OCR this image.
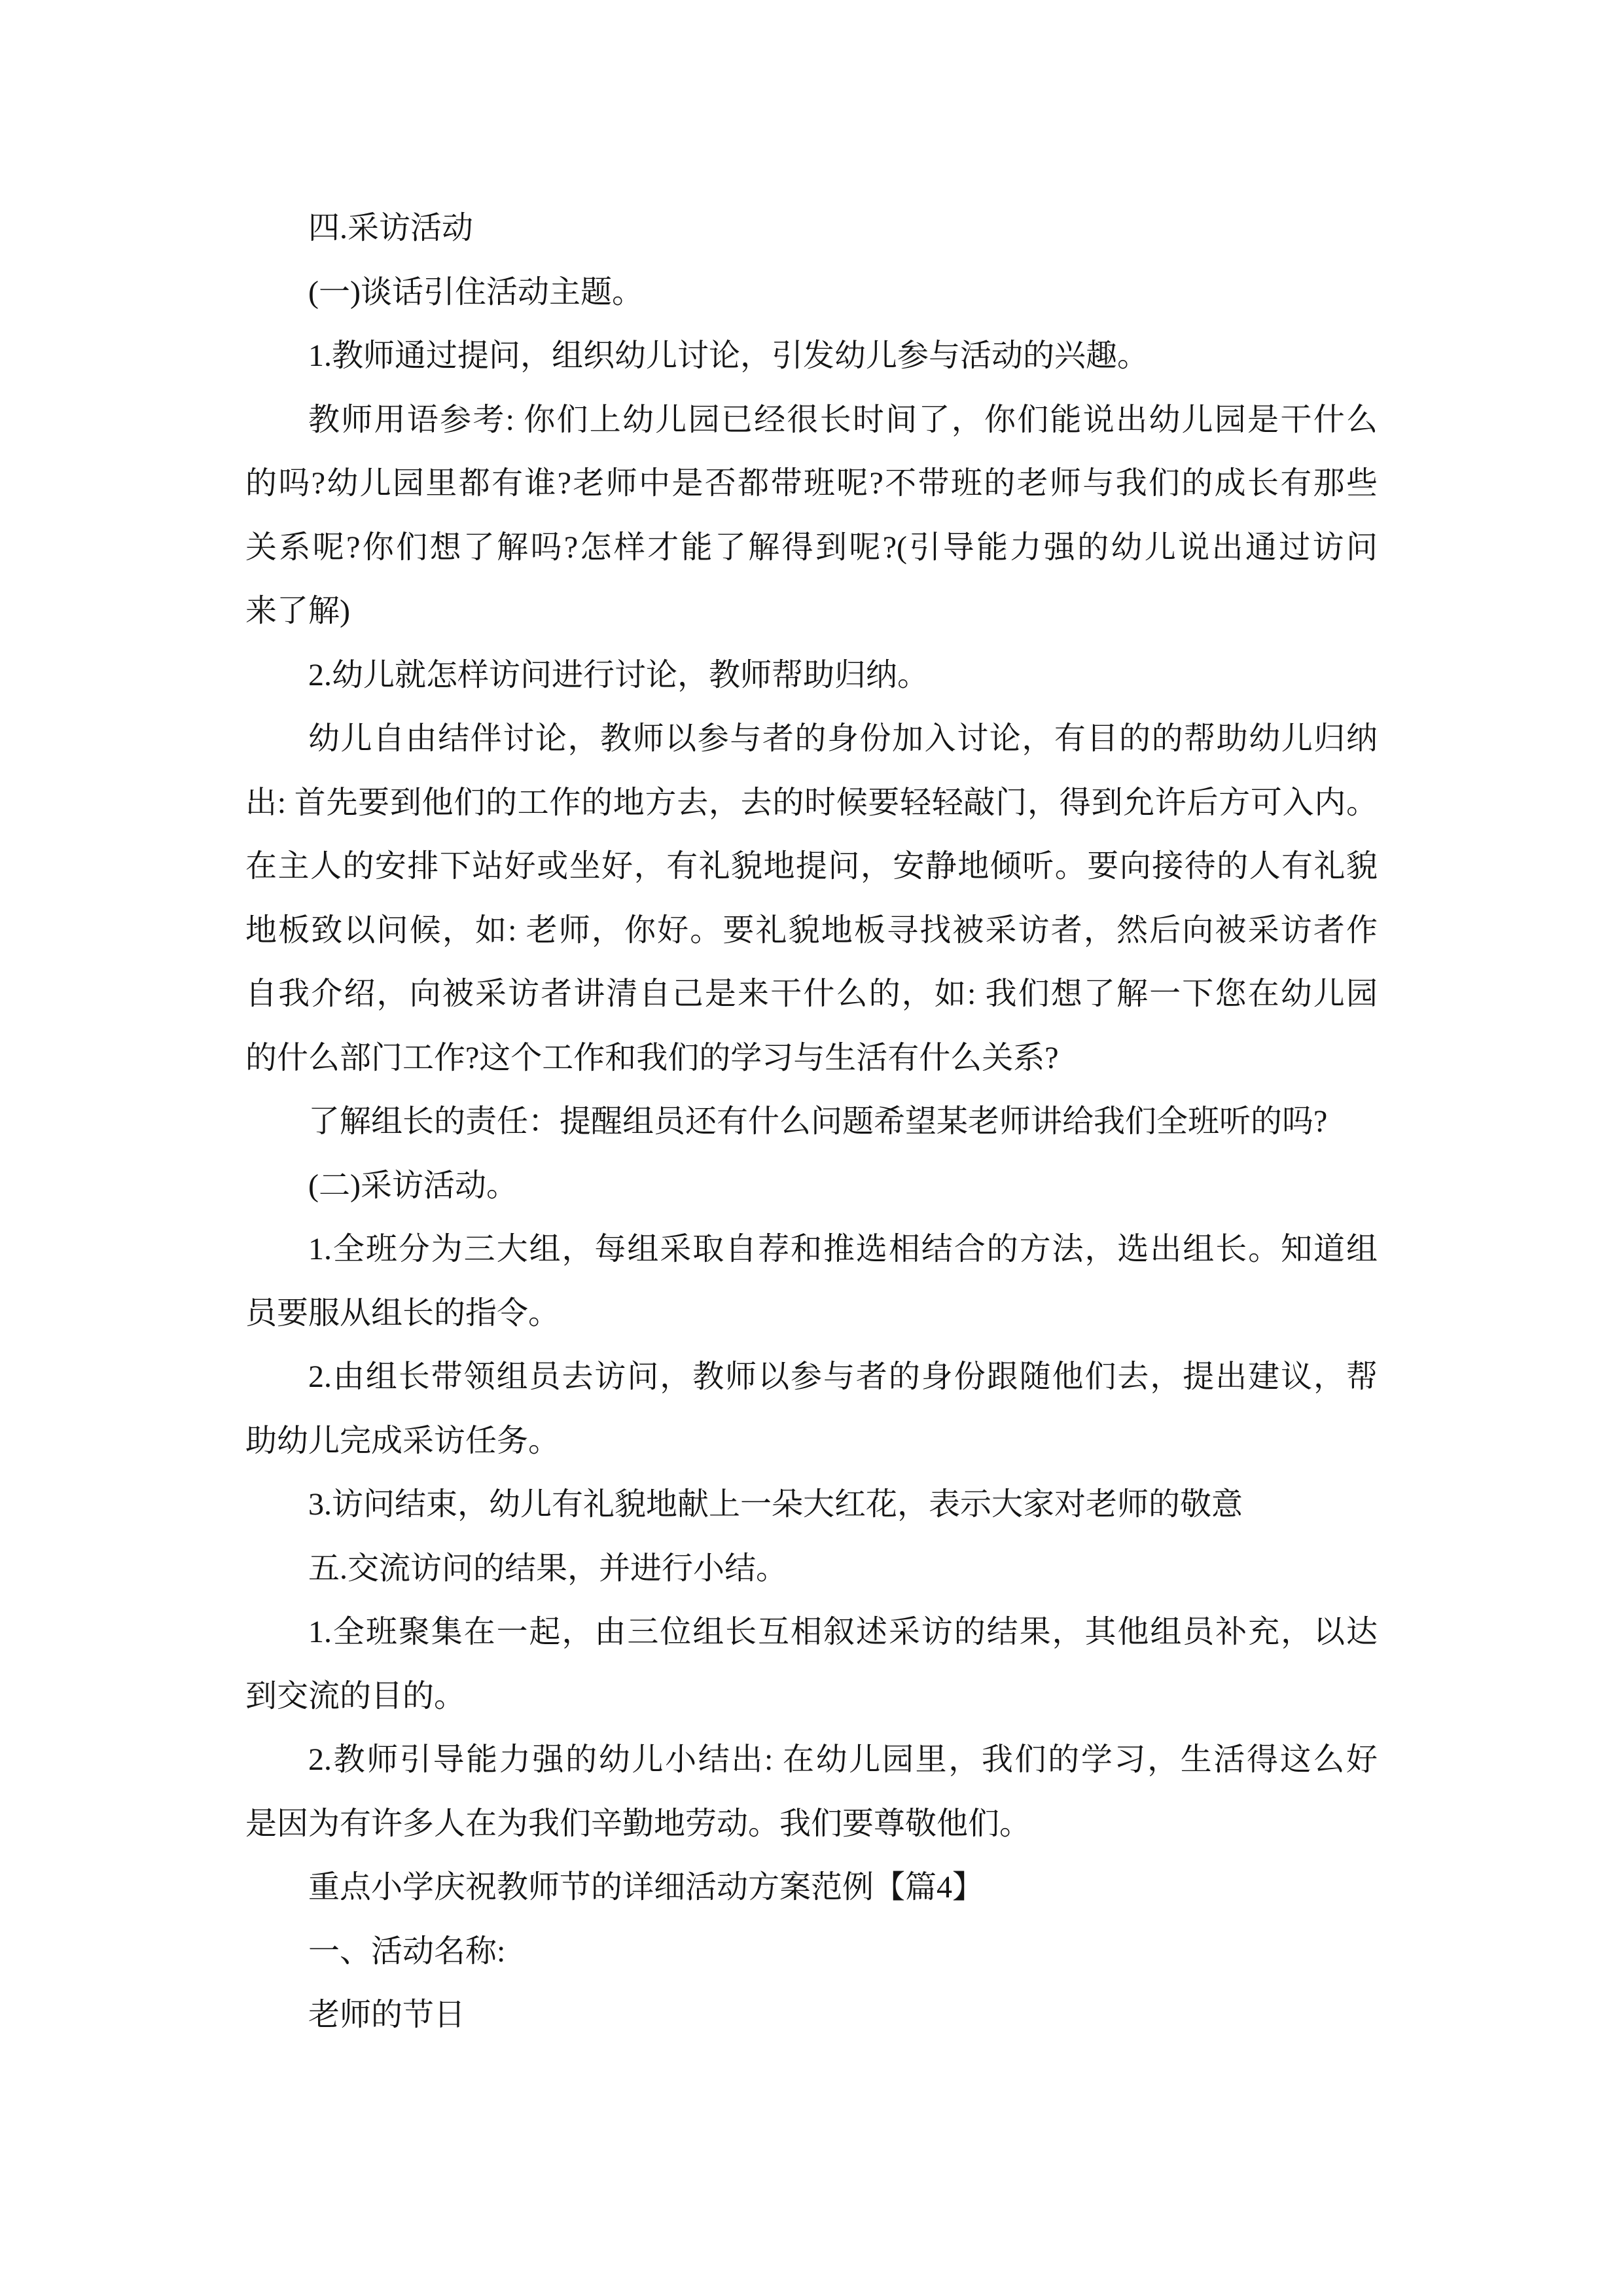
四.采访活动
(一)谈话引住活动主题。
1.教师通过提问，组织幼儿讨论，引发幼儿参与活动的兴趣。
教师用语参考: 你们上幼儿园已经很长时间了，你们能说出幼儿园是干什么
的吗?幼儿园里都有谁?老师中是否都带班呢?不带班的老师与我们的成长有那些
关系呢?你们想了解吗?怎样才能了解得到呢?(引导能力强的幼儿说出通过访问
来了解)
2.幼儿就怎样访问进行讨论，教师帮助归纳。
幼儿自由结伴讨论，教师以参与者的身份加入讨论，有目的的帮助幼儿归纳
出: 首先要到他们的工作的地方去，去的时候要轻轻敲门，得到允许后方可入内。
在主人的安排下站好或坐好，有礼貌地提问，安静地倾听。要向接待的人有礼貌
地板致以问候，如: 老师，你好。要礼貌地板寻找被采访者，然后向被采访者作
自我介绍，向被采访者讲清自己是来干什么的，如: 我们想了解一下您在幼儿园
的什么部门工作?这个工作和我们的学习与生活有什么关系?
了解组长的责任：提醒组员还有什么问题希望某老师讲给我们全班听的吗?
(二)采访活动。
1.全班分为三大组，每组采取自荐和推选相结合的方法，选出组长。知道组
员要服从组长的指令。
2.由组长带领组员去访问，教师以参与者的身份跟随他们去，提出建议，帮
助幼儿完成采访任务。
3.访问结束，幼儿有礼貌地献上一朵大红花，表示大家对老师的敬意
五.交流访问的结果，并进行小结。
1.全班聚集在一起，由三位组长互相叙述采访的结果，其他组员补充，以达
到交流的目的。
2.教师引导能力强的幼儿小结出: 在幼儿园里，我们的学习，生活得这么好
是因为有许多人在为我们辛勤地劳动。我们要尊敬他们。
重点小学庆祝教师节的详细活动方案范例【篇4】
一、活动名称:
老师的节日
